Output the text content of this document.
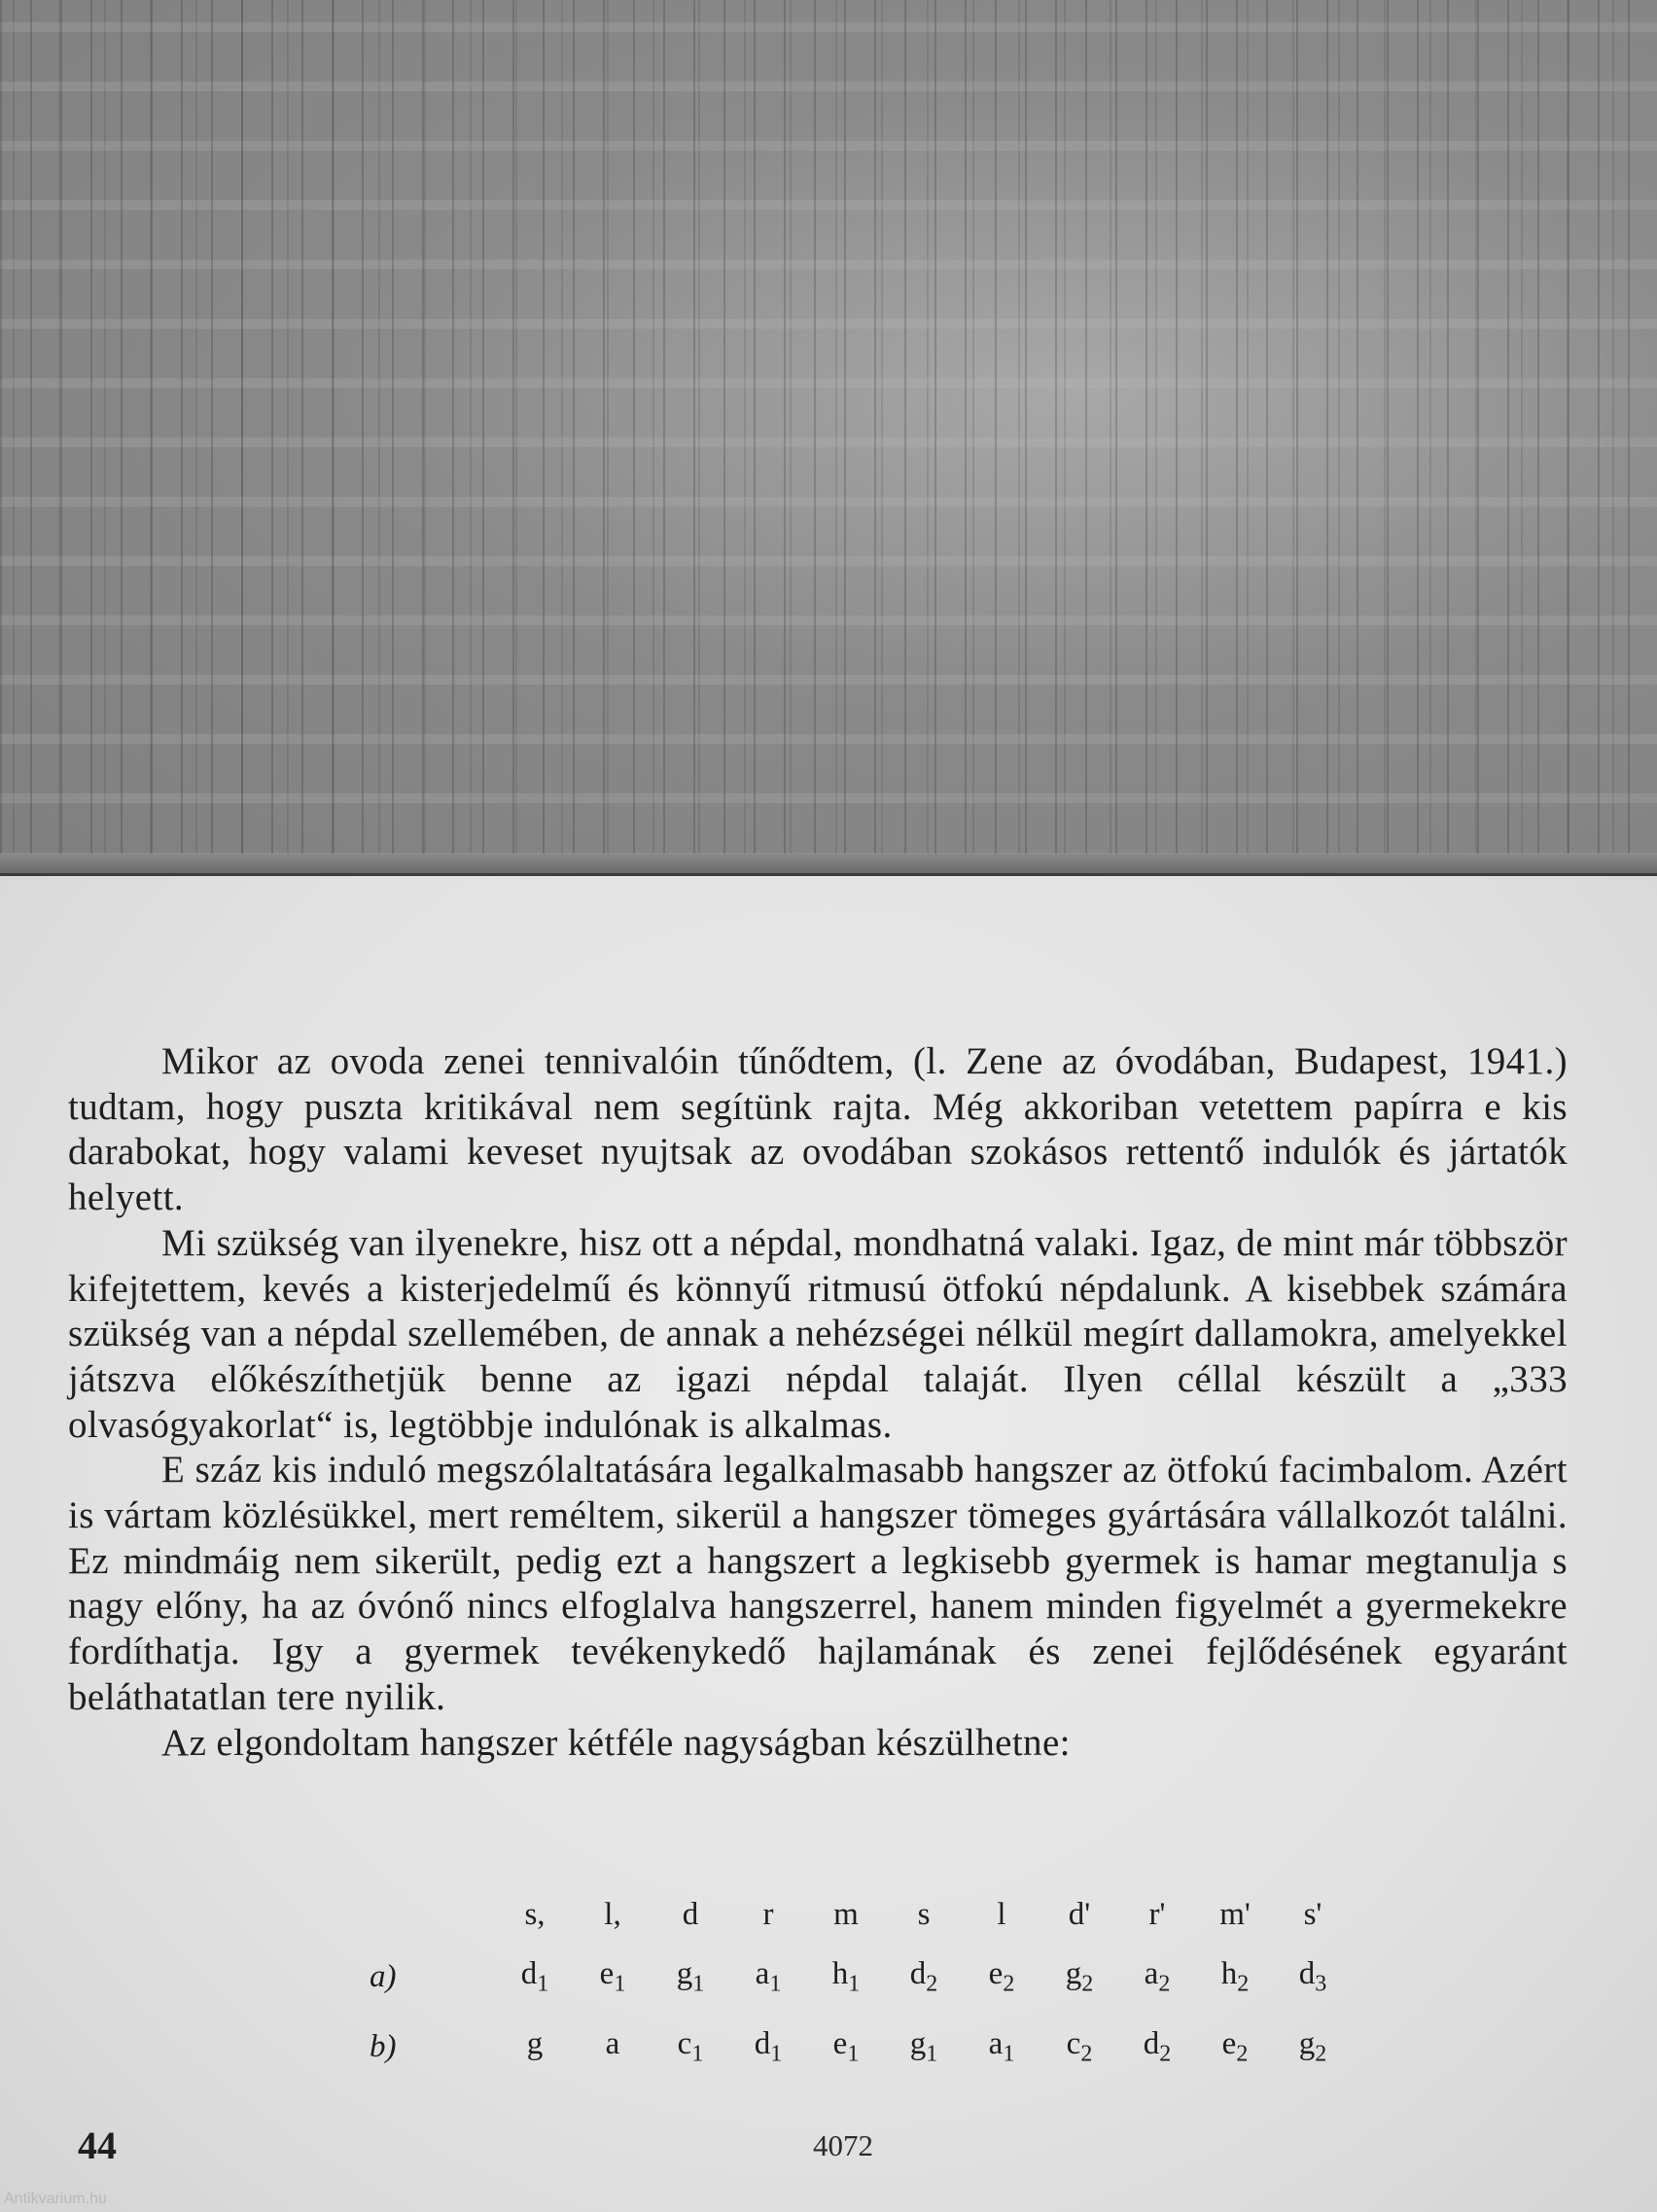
Mikor az ovoda zenei tennivalóin tűnődtem, (l. Zene az óvodában, Budapest, 1941.) tudtam, hogy puszta kritikával nem segítünk rajta. Még akkoriban vetettem papírra e kis darabokat, hogy valami keveset nyujtsak az ovodában szokásos rettentő indulók és jártatók helyett.

Mi szükség van ilyenekre, hisz ott a népdal, mondhatná valaki. Igaz, de mint már többször kifejtettem, kevés a kisterjedelmű és könnyű ritmusú ötfokú népdalunk. A kisebbek számára szükség van a népdal szellemében, de annak a nehézségei nélkül megírt dallamokra, amelyekkel játszva előkészíthetjük benne az igazi népdal talaját. Ilyen céllal készült a „333 olvasógyakorlat“ is, legtöbbje indulónak is alkalmas.

E száz kis induló megszólaltatására legalkalmasabb hangszer az ötfokú facimbalom. Azért is vártam közlésükkel, mert reméltem, sikerül a hangszer tömeges gyártására vállalkozót találni. Ez mindmáig nem sikerült, pedig ezt a hangszert a legkisebb gyermek is hamar megtanulja s nagy előny, ha az óvónő nincs elfoglalva hangszerrel, hanem minden figyelmét a gyermekekre fordíthatja. Igy a gyermek tevékenykedő hajlamának és zenei fejlődésének egyaránt beláthatatlan tere nyilik.

Az elgondoltam hangszer kétféle nagyságban készülhetne:

	s,	l,	d	r	m	s	l	d'	r'	m'	s'
a)	$d_1$	$e_1$	$g_1$	$a_1$	$h_1$	$d_2$	$e_2$	$g_2$	$a_2$	$h_2$	$d_3$
b)	g	a	$c_1$	$d_1$	$e_1$	$g_1$	$a_1$	$c_2$	$d_2$	$e_2$	$g_2$
44	4072
Antikvarium.hu
